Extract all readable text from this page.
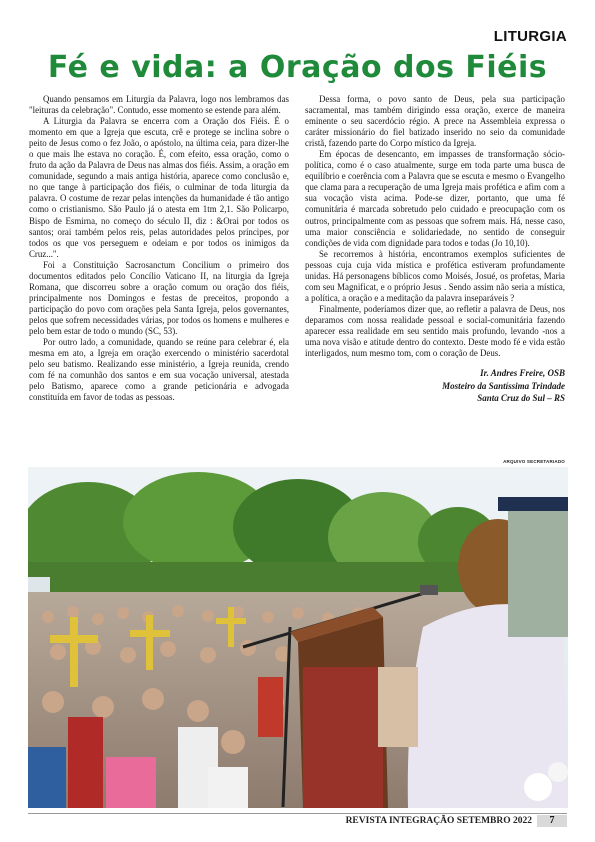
LITURGIA
Fé e vida: a Oração dos Fiéis

Quando pensamos em Liturgia da Palavra, logo nos lembramos das "leituras da celebração". Contudo, esse momento se estende para além.

A Liturgia da Palavra se encerra com a Oração dos Fiéis. É o momento em que a Igreja que escuta, crê e protege se inclina sobre o peito de Jesus como o fez João, o apóstolo, na última ceia, para dizer-lhe o que mais lhe estava no coração. É, com efeito, essa oração, como o fruto da ação da Palavra de Deus nas almas dos fiéis. Assim, a oração em comunidade, segundo a mais antiga história, aparece como conclusão e, no que tange à participação dos fiéis, o culminar de toda liturgia da palavra. O costume de rezar pelas intenções da humanidade é tão antigo como o cristianismo. São Paulo já o atesta em 1tm 2,1. São Policarpo, Bispo de Esmirna, no começo do século II, diz : &Orai por todos os santos; orai também pelos reis, pelas autoridades pelos príncipes, por todos os que vos perseguem e odeiam e por todos os inimigos da Cruz...".

Foi a Constituição Sacrosanctum Concilium o primeiro dos documentos editados pelo Concílio Vaticano II, na liturgia da Igreja Romana, que discorreu sobre a oração comum ou oração dos fiéis, principalmente nos Domingos e festas de preceitos, propondo a participação do povo com orações pela Santa Igreja, pelos governantes, pelos que sofrem necessidades várias, por todos os homens e mulheres e pelo bem estar de todo o mundo (SC, 53).

Por outro lado, a comunidade, quando se reúne para celebrar é, ela mesma em ato, a Igreja em oração exercendo o ministério sacerdotal pelo seu batismo. Realizando esse ministério, a Igreja reunida, crendo com fé na comunhão dos santos e em sua vocação universal, atestada pelo Batismo, aparece como a grande peticionária e advogada constituída em favor de todas as pessoas.

Dessa forma, o povo santo de Deus, pela sua participação sacramental, mas também dirigindo essa oração, exerce de maneira eminente o seu sacerdócio régio. A prece na Assembleia expressa o caráter missionário do fiel batizado inserido no seio da comunidade cristã, fazendo parte do Corpo místico da Igreja.

Em épocas de desencanto, em impasses de transformação sócio-política, como é o caso atualmente, surge em toda parte uma busca de equilíbrio e coerência com a Palavra que se escuta e mesmo o Evangelho que clama para a recuperação de uma Igreja mais profética e afim com a sua vocação vista acima. Pode-se dizer, portanto, que uma fé comunitária é marcada sobretudo pelo cuidado e preocupação com os outros, principalmente com as pessoas que sofrem mais. Há, nesse caso, uma maior consciência e solidariedade, no sentido de conseguir condições de vida com dignidade para todos e todas (Jo 10,10).

Se recorremos à história, encontramos exemplos suficientes de pessoas cuja cuja vida mística e profética estiveram profundamente unidas. Há personagens bíblicos como Moisés, Josué, os profetas, Maria com seu Magnificat, e o próprio Jesus . Sendo assim não seria a mística, a política, a oração e a meditação da palavra inseparáveis ?

Finalmente, poderíamos dizer que, ao refletir a palavra de Deus, nos deparamos com nossa realidade pessoal e social-comunitária fazendo aparecer essa realidade em seu sentido mais profundo, levando -nos a uma nova visão e atitude dentro do contexto. Deste modo fé e vida estão interligados, num mesmo tom, com o coração de Deus.

Ir. Andres Freire, OSB
Mosteiro da Santíssima Trindade
Santa Cruz do Sul – RS
ARQUIVO SECRETARIADO
REVISTA INTEGRAÇÃO SETEMBRO 2022	7
